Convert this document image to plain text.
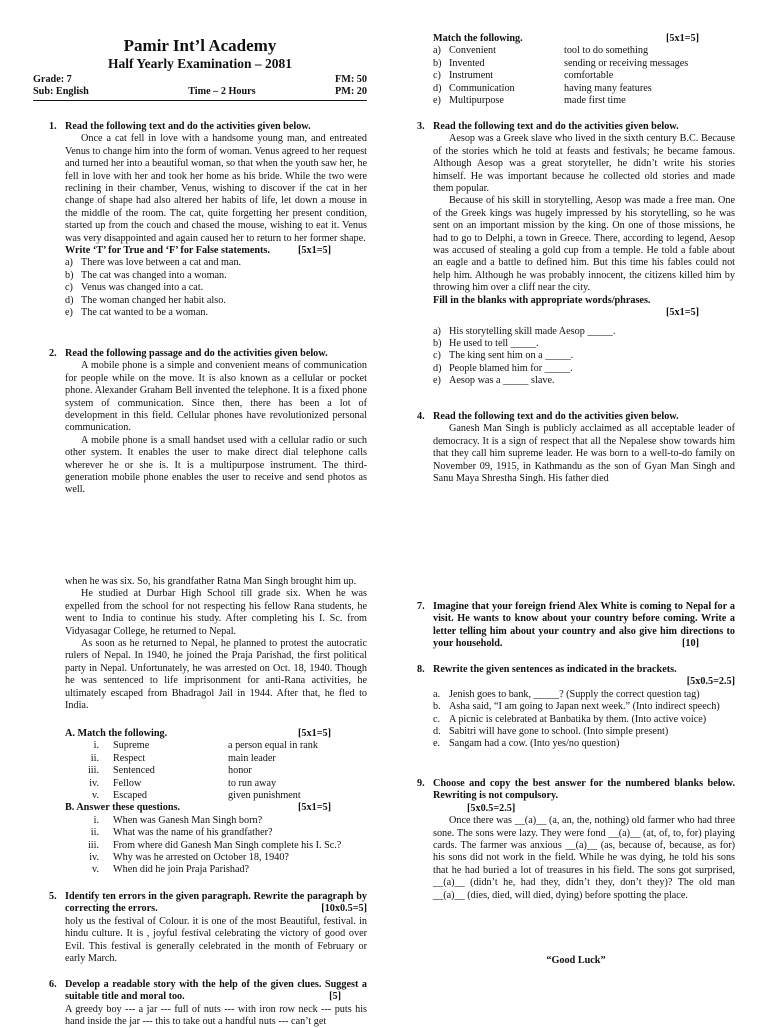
Pamir Int’l Academy
Half Yearly Examination – 2081
Grade: 7	FM: 50
Sub: English	Time – 2 Hours	PM: 20
1. Read the following text and do the activities given below.

Once a cat fell in love with a handsome young man, and entreated Venus to change him into the form of woman. Venus agreed to her request and turned her into a beautiful woman, so that when the youth saw her, he fell in love with her and took her home as his bride. While the two were reclining in their chamber, Venus, wishing to discover if the cat in her change of shape had also altered her habits of life, let down a mouse in the middle of the room. The cat, quite forgetting her present condition, started up from the couch and chased the mouse, wishing to eat it. Venus was very disappointed and again caused her to return to her former shape.

Write ‘T’ for True and ‘F’ for False statements.	[5x1=5]
a) There was love between a cat and man.
b) The cat was changed into a woman.
c) Venus was changed into a cat.
d) The woman changed her habit also.
e) The cat wanted to be a woman.
2. Read the following passage and do the activities given below.

A mobile phone is a simple and convenient means of communication for people while on the move. It is also known as a cellular or pocket phone. Alexander Graham Bell invented the telephone. It is a fixed phone system of communication. Since then, there has been a lot of development in this field. Cellular phones have revolutionized personal communication.

A mobile phone is a small handset used with a cellular radio or such other system. It enables the user to make direct dial telephone calls wherever he or she is. It is a multipurpose instrument. The third-generation mobile phone enables the user to receive and send photos as well.

Match the following.	[5x1=5]
a) Convenient	tool to do something
b) Invented	sending or receiving messages
c) Instrument	comfortable
d) Communication	having many features
e) Multipurpose	made first time
3. Read the following text and do the activities given below.

Aesop was a Greek slave who lived in the sixth century B.C. Because of the stories which he told at feasts and festivals; he became famous. Although Aesop was a great storyteller, he didn’t write his stories himself. He was important because he collected old stories and made them popular.

Because of his skill in storytelling, Aesop was made a free man. One of the Greek kings was hugely impressed by his storytelling, so he was sent on an important mission by the king. On one of those missions, he had to go to Delphi, a town in Greece. There, according to legend, Aesop was accused of stealing a gold cup from a temple. He told a fable about an eagle and a battle to defined him. But this time his fables could not help him. Although he was probably innocent, the citizens killed him by throwing him over a cliff near the city.

Fill in the blanks with appropriate words/phrases.

[5x1=5]

a) His storytelling skill made Aesop _____.
b) He used to tell _____.
c) The king sent him on a _____.
d) People blamed him for _____.
e) Aesop was a _____ slave.
4. Read the following text and do the activities given below.

Ganesh Man Singh is publicly acclaimed as all acceptable leader of democracy. It is a sign of respect that all the Nepalese show towards him that they call him supreme leader. He was born to a well-to-do family on November 09, 1915, in Kathmandu as the son of Gyan Man Singh and Sanu Maya Shrestha Singh. His father died

when he was six. So, his grandfather Ratna Man Singh brought him up.

He studied at Durbar High School till grade six. When he was expelled from the school for not respecting his fellow Rana students, he went to India to continue his study. After completing his I. Sc. from Vidyasagar College, he returned to Nepal.

As soon as he returned to Nepal, he planned to protest the autocratic rulers of Nepal. In 1940, he joined the Praja Parishad, the first political party in Nepal. Unfortunately, he was arrested on Oct. 18, 1940. Though he was sentenced to life imprisonment for anti-Rana activities, he ultimately escaped from Bhadragol Jail in 1944. After that, he fled to India.

A. Match the following.	[5x1=5]
i.	Supreme	a person equal in rank
ii.	Respect	main leader
iii.	Sentenced	honor
iv.	Fellow	to run away
v.	Escaped	given punishment
B. Answer these questions.	[5x1=5]
i.	When was Ganesh Man Singh born?
ii.	What was the name of his grandfather?
iii.	From where did Ganesh Man Singh complete his I. Sc.?
iv.	Why was he arrested on October 18, 1940?
v.	When did he join Praja Parishad?
5. Identify ten errors in the given paragraph. Rewrite the paragraph by correcting the errors.	[10x0.5=5]

holy us the festival of Colour. it is one of the most Beautiful, festival. in hindu culture. It is , joyful festival celebrating the victory of good over Evil. This festival is generally celebrated in the month of February or early March.

6. Develop a readable story with the help of the given clues. Suggest a suitable title and moral too.	[5]

A greedy boy --- a jar --- full of nuts --- with iron row neck --- puts his hand inside the jar --- this to take out a handful nuts --- can’t get

7. Imagine that your foreign friend Alex White is coming to Nepal for a visit. He wants to know about your country before coming. Write a letter telling him about your country and also give him directions to your household.	[10]

8. Rewrite the given sentences as indicated in the brackets.

[5x0.5=2.5]

a. Jenish goes to bank, _____? (Supply the correct question tag)
b. Asha said, “I am going to Japan next week.” (Into indirect speech)
c. A picnic is celebrated at Banbatika by them. (Into active voice)
d. Sabitri will have gone to school. (Into simple present)
e. Sangam had a cow. (Into yes/no question)
9. Choose and copy the best answer for the numbered blanks below. Rewriting is not compulsory.

[5x0.5=2.5]

Once there was __(a)__ (a, an, the, nothing) old farmer who had three sone. The sons were lazy. They were fond __(a)__ (at, of, to, for) playing cards. The farmer was anxious __(a)__ (as, because of, because, as for) his sons did not work in the field. While he was dying, he told his sons that he had buried a lot of treasures in his field. The sons got surprised, __(a)__ (didn’t he, had they, didn’t they, don’t they)? The old man __(a)__ (dies, died, will died, dying) before spotting the place.

“Good Luck”
